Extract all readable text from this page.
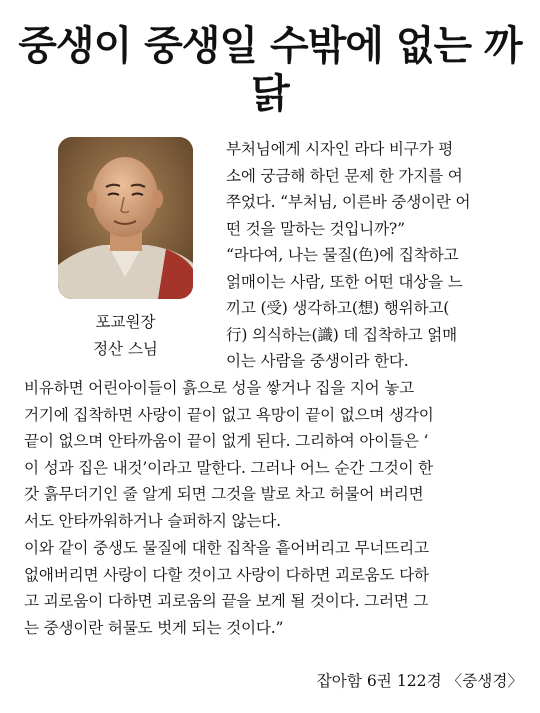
중생이 중생일 수밖에 없는 까닭
포교원장
정산 스님

부처님에게 시자인 라다 비구가 평
소에 궁금해 하던 문제 한 가지를 여
쭈었다. “부처님, 이른바 중생이란 어
떤 것을 말하는 것입니까?”

“라다여, 나는 물질(色)에 집착하고
얽매이는 사람, 또한 어떤 대상을 느
끼고 (受) 생각하고(想) 행위하고(
行) 의식하는(識) 데 집착하고 얽매
이는 사람을 중생이라 한다.

비유하면 어린아이들이 흙으로 성을 쌓거나 집을 지어 놓고
거기에 집착하면 사랑이 끝이 없고 욕망이 끝이 없으며 생각이
끝이 없으며 안타까움이 끝이 없게 된다. 그리하여 아이들은 ‘
이 성과 집은 내것’이라고 말한다. 그러나 어느 순간 그것이 한
갓 흙무더기인 줄 알게 되면 그것을 발로 차고 허물어 버리면
서도 안타까워하거나 슬퍼하지 않는다.

이와 같이 중생도 물질에 대한 집착을 흩어버리고 무너뜨리고
없애버리면 사랑이 다할 것이고 사랑이 다하면 괴로움도 다하
고 괴로움이 다하면 괴로움의 끝을 보게 될 것이다. 그러면 그
는 중생이란 허물도 벗게 되는 것이다.”

잡아함 6권 122경 〈중생경〉
